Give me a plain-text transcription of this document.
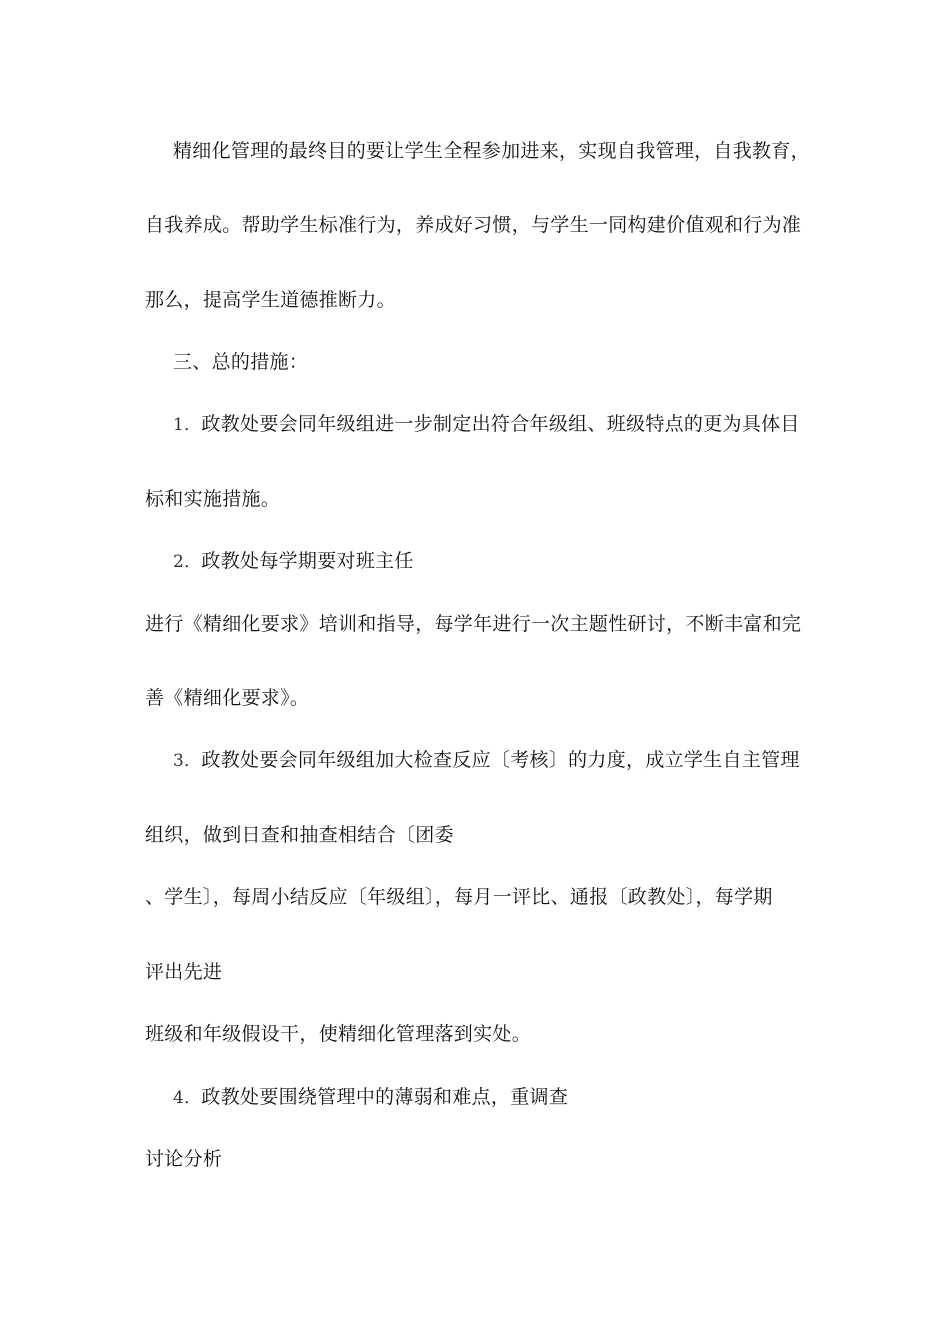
精细化管理的最终目的要让学生全程参加进来，实现自我管理，自我教育，
自我养成。帮助学生标准行为，养成好习惯，与学生一同构建价值观和行为准
那么，提高学生道德推断力。
三、总的措施：
1．政教处要会同年级组进一步制定出符合年级组、班级特点的更为具体目
标和实施措施。
2．政教处每学期要对班主任
进行《精细化要求》培训和指导，每学年进行一次主题性研讨，不断丰富和完
善《精细化要求》。
3．政教处要会同年级组加大检查反应〔考核〕的力度，成立学生自主管理
组织，做到日查和抽查相结合〔团委
、学生〕，每周小结反应〔年级组〕，每月一评比、通报〔政教处〕，每学期
评出先进
班级和年级假设干，使精细化管理落到实处。
4．政教处要围绕管理中的薄弱和难点，重调查
讨论分析
